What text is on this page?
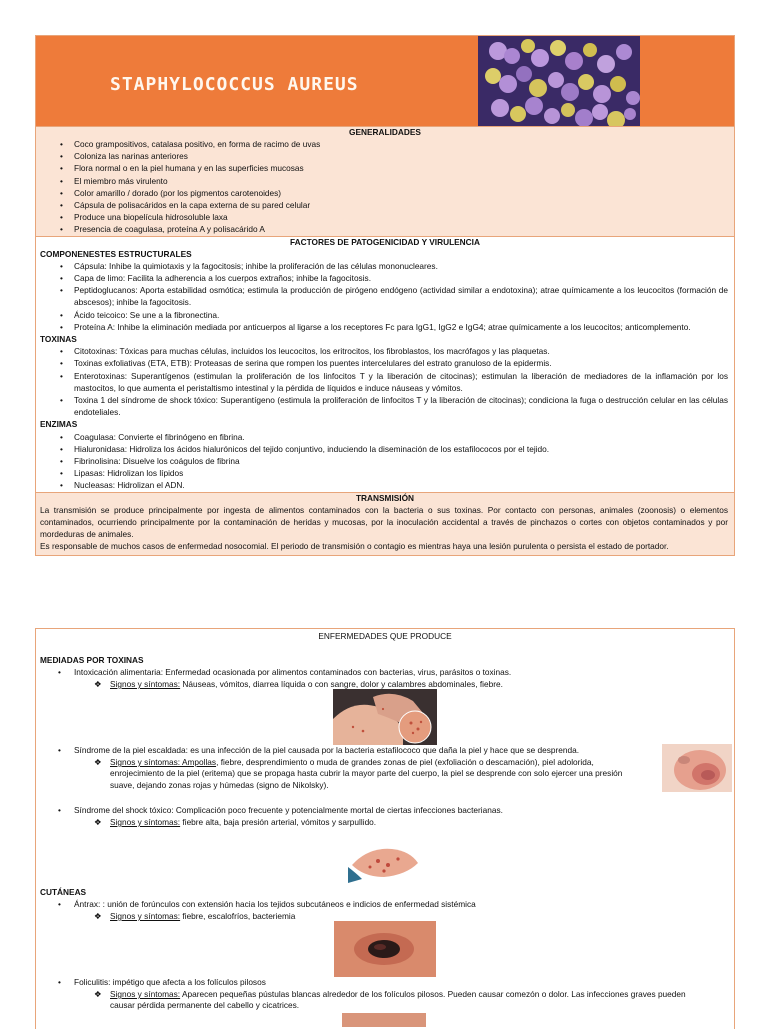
STAPHYLOCOCCUS AUREUS
GENERALIDADES
• Coco grampositivos, catalasa positivo, en forma de racimo de uvas
• Coloniza las narinas anteriores
• Flora normal o en la piel humana y en las superficies mucosas
• El miembro más virulento
• Color amarillo / dorado (por los pigmentos carotenoides)
• Cápsula de polisacáridos en la capa externa de su pared celular
• Produce una biopelícula hidrosoluble laxa
• Presencia de coagulasa, proteína A y polisacárido A
FACTORES DE PATOGENICIDAD Y VIRULENCIA
COMPONENESTES ESTRUCTURALES
• Cápsula: Inhibe la quimiotaxis y la fagocitosis; inhibe la proliferación de las células mononucleares.
• Capa de limo: Facilita la adherencia a los cuerpos extraños; inhibe la fagocitosis.
• Peptidoglucanos: Aporta estabilidad osmótica; estimula la producción de pirógeno endógeno (actividad similar a endotoxina); atrae químicamente a los leucocitos (formación de abscesos); inhibe la fagocitosis.
• Ácido teicoico: Se une a la fibronectina.
• Proteína A: Inhibe la eliminación mediada por anticuerpos al ligarse a los receptores Fc para IgG1, IgG2 e IgG4; atrae químicamente a los leucocitos; anticomplemento.
TOXINAS
• Citotoxinas: Tóxicas para muchas células, incluidos los leucocitos, los eritrocitos, los fibroblastos, los macrófagos y las plaquetas.
• Toxinas exfoliativas (ETA, ETB): Proteasas de serina que rompen los puentes intercelulares del estrato granuloso de la epidermis.
• Enterotoxinas: Superantígenos (estimulan la proliferación de los linfocitos T y la liberación de citocinas); estimulan la liberación de mediadores de la inflamación por los mastocitos, lo que aumenta el peristaltismo intestinal y la pérdida de líquidos e induce náuseas y vómitos.
• Toxina 1 del síndrome de shock tóxico: Superantígeno (estimula la proliferación de linfocitos T y la liberación de citocinas); condiciona la fuga o destrucción celular en las células endoteliales.
ENZIMAS
• Coagulasa: Convierte el fibrinógeno en fibrina.
• Hialuronidasa: Hidroliza los ácidos hialurónicos del tejido conjuntivo, induciendo la diseminación de los estafilococos por el tejido.
• Fibrinolisina: Disuelve los coágulos de fibrina
• Lipasas: Hidrolizan los lípidos
• Nucleasas: Hidrolizan el ADN.
TRANSMISIÓN
La transmisión se produce principalmente por ingesta de alimentos contaminados con la bacteria o sus toxinas. Por contacto con personas, animales (zoonosis) o elementos contaminados, ocurriendo principalmente por la contaminación de heridas y mucosas, por la inoculación accidental a través de pinchazos o cortes con objetos contaminados y por mordeduras de animales.
Es responsable de muchos casos de enfermedad nosocomial. El periodo de transmisión o contagio es mientras haya una lesión purulenta o persista el estado de portador.
ENFERMEDADES QUE PRODUCE
MEDIADAS POR TOXINAS
• Intoxicación alimentaria: Enfermedad ocasionada por alimentos contaminados con bacterias, virus, parásitos o toxinas.
❖ Signos y síntomas: Náuseas, vómitos, diarrea líquida o con sangre, dolor y calambres abdominales, fiebre.
• Síndrome de la piel escaldada: es una infección de la piel causada por la bacteria estafilococo que daña la piel y hace que se desprenda.
❖ Signos y síntomas: Ampollas, fiebre, desprendimiento o muda de grandes zonas de piel (exfoliación o descamación), piel adolorida,
enrojecimiento de la piel (eritema) que se propaga hasta cubrir la mayor parte del cuerpo, la piel se desprende con solo ejercer una presión
suave, dejando zonas rojas y húmedas (signo de Nikolsky).
• Síndrome del shock tóxico: Complicación poco frecuente y potencialmente mortal de ciertas infecciones bacterianas.
❖ Signos y síntomas: fiebre alta, baja presión arterial, vómitos y sarpullido.
CUTÁNEAS
• Ántrax: : unión de forúnculos con extensión hacia los tejidos subcutáneos e indicios de enfermedad sistémica
❖ Signos y síntomas: fiebre, escalofríos, bacteriemia
• Foliculitis: impétigo que afecta a los folículos pilosos
❖ Signos y síntomas: Aparecen pequeñas pústulas blancas alrededor de los folículos pilosos. Pueden causar comezón o dolor. Las infecciones graves pueden
causar pérdida permanente del cabello y cicatrices.
